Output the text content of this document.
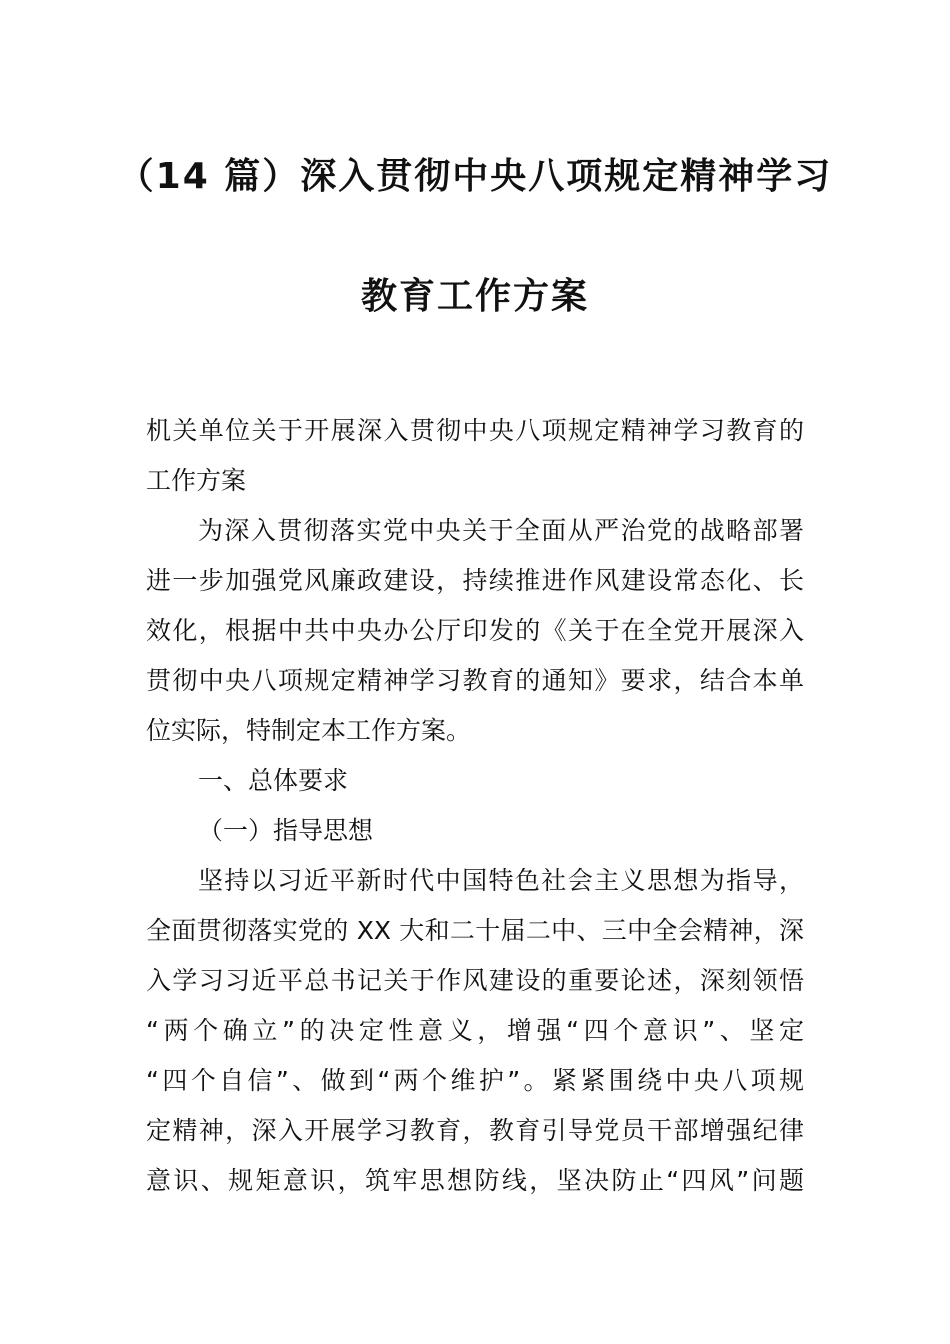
（14 篇）深入贯彻中央八项规定精神学习
教育工作方案
机关单位关于开展深入贯彻中央八项规定精神学习教育的
工作方案
为深入贯彻落实党中央关于全面从严治党的战略部署
进一步加强党风廉政建设，持续推进作风建设常态化、长
效化，根据中共中央办公厅印发的《关于在全党开展深入
贯彻中央八项规定精神学习教育的通知》要求，结合本单
位实际，特制定本工作方案。
一、总体要求
（一）指导思想
坚持以习近平新时代中国特色社会主义思想为指导，
全面贯彻落实党的 XX 大和二十届二中、三中全会精神，深
入学习习近平总书记关于作风建设的重要论述，深刻领悟
“两个确立”的决定性意义，增强“四个意识”、坚定
“四个自信”、做到“两个维护”。紧紧围绕中央八项规
定精神，深入开展学习教育，教育引导党员干部增强纪律
意识、规矩意识，筑牢思想防线，坚决防止“四风”问题
